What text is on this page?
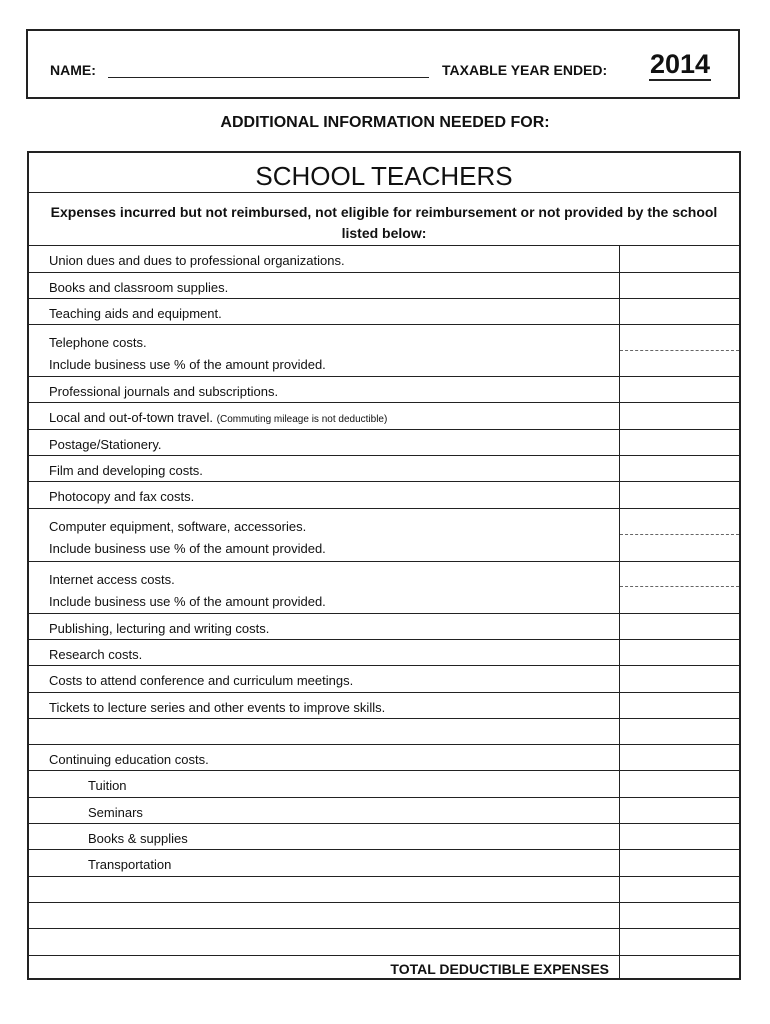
NAME:	TAXABLE YEAR ENDED: 2014
ADDITIONAL INFORMATION NEEDED FOR:
SCHOOL TEACHERS
Expenses incurred but not reimbursed, not eligible for reimbursement or not provided by the school listed below:
Union dues and dues to professional organizations.
Books and classroom supplies.
Teaching aids and equipment.
Telephone costs.
Include business use % of the amount provided.
Professional journals and subscriptions.
Local and out-of-town travel. (Commuting mileage is not deductible)
Postage/Stationery.
Film and developing costs.
Photocopy and fax costs.
Computer equipment, software, accessories.
Include business use % of the amount provided.
Internet access costs.
Include business use % of the amount provided.
Publishing, lecturing and writing costs.
Research costs.
Costs to attend conference and curriculum meetings.
Tickets to lecture series and other events to improve skills.
Continuing education costs.
Tuition
Seminars
Books & supplies
Transportation
TOTAL DEDUCTIBLE EXPENSES
